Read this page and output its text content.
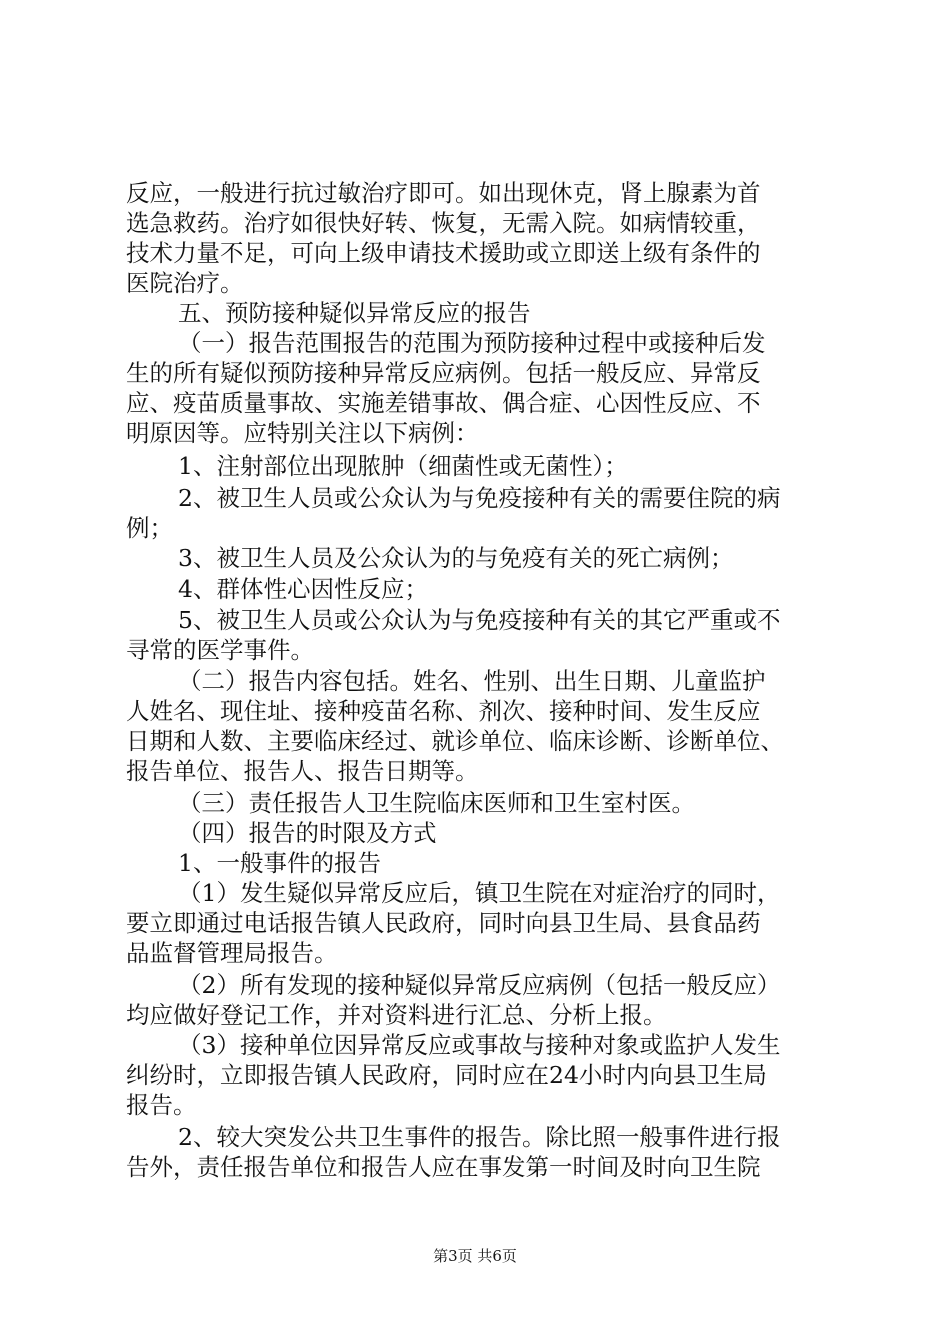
反应，一般进行抗过敏治疗即可。如出现休克，肾上腺素为首

选急救药。治疗如很快好转、恢复，无需入院。如病情较重，

技术力量不足，可向上级申请技术援助或立即送上级有条件的

医院治疗。

五、预防接种疑似异常反应的报告

（一）报告范围报告的范围为预防接种过程中或接种后发

生的所有疑似预防接种异常反应病例。包括一般反应、异常反

应、疫苗质量事故、实施差错事故、偶合症、心因性反应、不

明原因等。应特别关注以下病例：

1、注射部位出现脓肿（细菌性或无菌性）；

2、被卫生人员或公众认为与免疫接种有关的需要住院的病

例；

3、被卫生人员及公众认为的与免疫有关的死亡病例；

4、群体性心因性反应；

5、被卫生人员或公众认为与免疫接种有关的其它严重或不

寻常的医学事件。

（二）报告内容包括。姓名、性别、出生日期、儿童监护

人姓名、现住址、接种疫苗名称、剂次、接种时间、发生反应

日期和人数、主要临床经过、就诊单位、临床诊断、诊断单位、

报告单位、报告人、报告日期等。

（三）责任报告人卫生院临床医师和卫生室村医。

（四）报告的时限及方式

1、一般事件的报告

（1）发生疑似异常反应后，镇卫生院在对症治疗的同时，

要立即通过电话报告镇人民政府，同时向县卫生局、县食品药

品监督管理局报告。

（2）所有发现的接种疑似异常反应病例（包括一般反应）

均应做好登记工作，并对资料进行汇总、分析上报。

（3）接种单位因异常反应或事故与接种对象或监护人发生

纠纷时，立即报告镇人民政府，同时应在24小时内向县卫生局

报告。

2、较大突发公共卫生事件的报告。除比照一般事件进行报

告外，责任报告单位和报告人应在事发第一时间及时向卫生院

第3页 共6页
